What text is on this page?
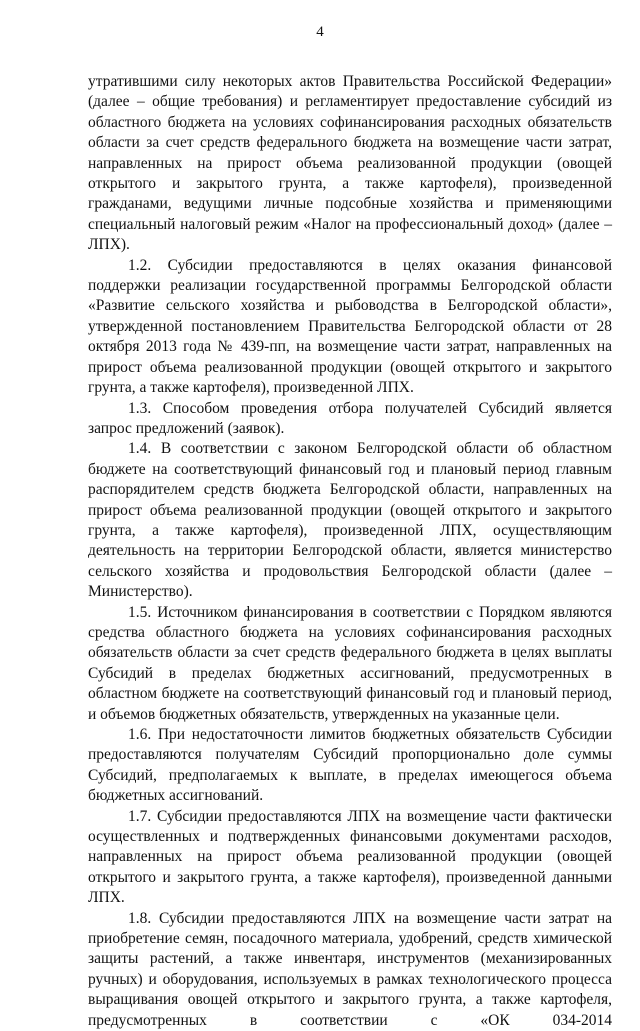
4

утратившими силу некоторых актов Правительства Российской Федерации» (далее – общие требования) и регламентирует предоставление субсидий из областного бюджета на условиях софинансирования расходных обязательств области за счет средств федерального бюджета на возмещение части затрат, направленных на прирост объема реализованной продукции (овощей открытого и закрытого грунта, а также картофеля), произведенной гражданами, ведущими личные подсобные хозяйства и применяющими специальный налоговый режим «Налог на профессиональный доход» (далее – ЛПХ).

1.2. Субсидии предоставляются в целях оказания финансовой поддержки реализации государственной программы Белгородской области «Развитие сельского хозяйства и рыбоводства в Белгородской области», утвержденной постановлением Правительства Белгородской области от 28 октября 2013 года № 439-пп, на возмещение части затрат, направленных на прирост объема реализованной продукции (овощей открытого и закрытого грунта, а также картофеля), произведенной ЛПХ.

1.3. Способом проведения отбора получателей Субсидий является запрос предложений (заявок).

1.4. В соответствии с законом Белгородской области об областном бюджете на соответствующий финансовый год и плановый период главным распорядителем средств бюджета Белгородской области, направленных на прирост объема реализованной продукции (овощей открытого и закрытого грунта, а также картофеля), произведенной ЛПХ, осуществляющим деятельность на территории Белгородской области, является министерство сельского хозяйства и продовольствия Белгородской области (далее – Министерство).

1.5. Источником финансирования в соответствии с Порядком являются средства областного бюджета на условиях софинансирования расходных обязательств области за счет средств федерального бюджета в целях выплаты Субсидий в пределах бюджетных ассигнований, предусмотренных в областном бюджете на соответствующий финансовый год и плановый период, и объемов бюджетных обязательств, утвержденных на указанные цели.

1.6. При недостаточности лимитов бюджетных обязательств Субсидии предоставляются получателям Субсидий пропорционально доле суммы Субсидий, предполагаемых к выплате, в пределах имеющегося объема бюджетных ассигнований.

1.7. Субсидии предоставляются ЛПХ на возмещение части фактически осуществленных и подтвержденных финансовыми документами расходов, направленных на прирост объема реализованной продукции (овощей открытого и закрытого грунта, а также картофеля), произведенной данными ЛПХ.

1.8. Субсидии предоставляются ЛПХ на возмещение части затрат на приобретение семян, посадочного материала, удобрений, средств химической защиты растений, а также инвентаря, инструментов (механизированных ручных) и оборудования, используемых в рамках технологического процесса выращивания овощей открытого и закрытого грунта, а также картофеля, предусмотренных в соответствии с «ОК 034-2014
